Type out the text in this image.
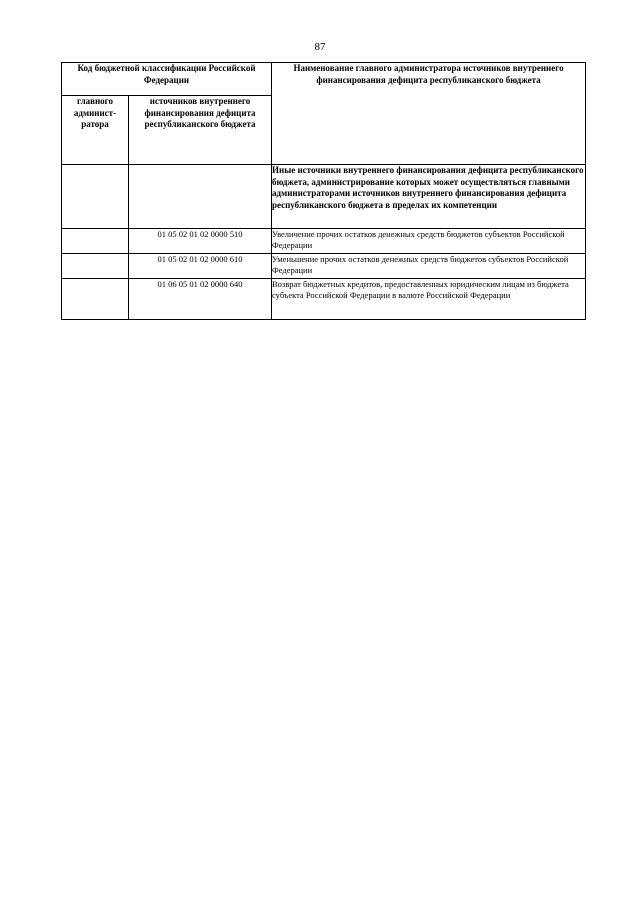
87
Код бюджетной классификации Российской Федерации		Наименование главного администратора источников внутреннего финансирования дефицита республиканского бюджета
главного админист-ратора	источников внутреннего финансирования дефицита республиканского бюджета	
		Иные источники внутреннего финансирования дефицита республиканского бюджета, администрирование которых может осуществляться главными администраторами источников внутреннего финансирования дефицита республиканского бюджета в пределах их компетенции
	01 05 02 01 02 0000 510	Увеличение прочих остатков денежных средств бюджетов субъектов Российской Федерации
	01 05 02 01 02 0000 610	Уменьшение прочих остатков денежных средств бюджетов субъектов Российской Федерации
	01 06 05 01 02 0000 640	Возврат бюджетных кредитов, предоставленных юридическим лицам из бюджета субъекта Российской Федерации в валюте Российской Федерации
